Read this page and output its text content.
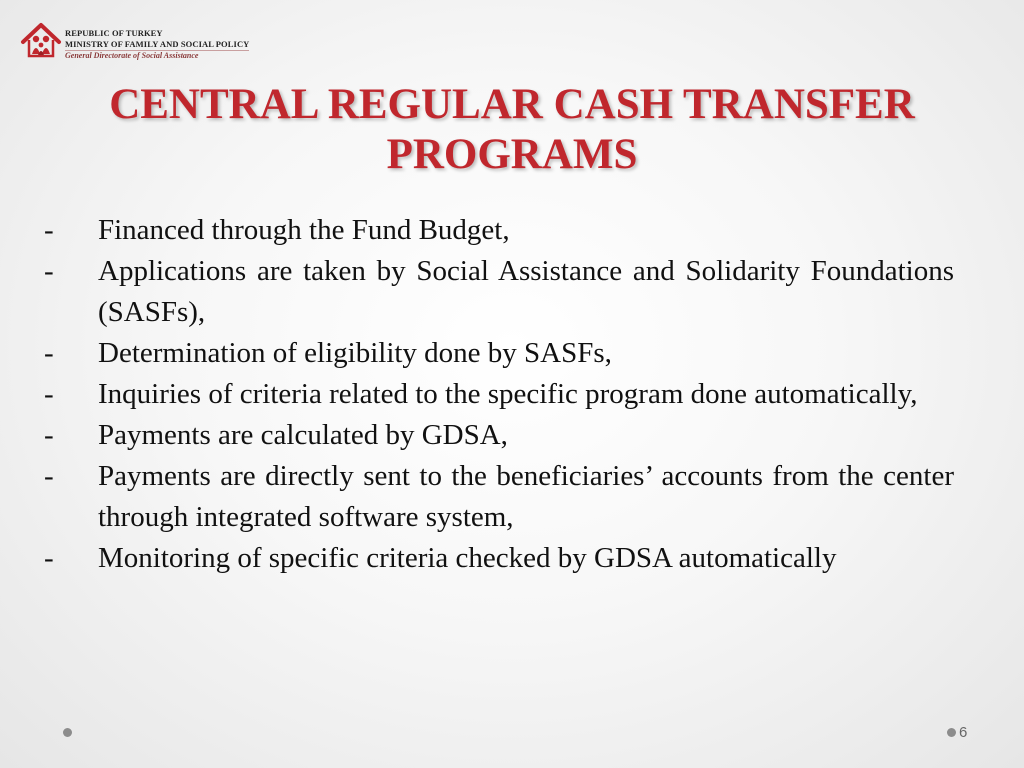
REPUBLIC OF TURKEY
MINISTRY OF FAMILY AND SOCIAL POLICY
General Directorate of Social Assistance
CENTRAL REGULAR CASH TRANSFER PROGRAMS
- Financed through the Fund Budget,
- Applications are taken by Social Assistance and Solidarity Foundations (SASFs),
- Determination of eligibility done by SASFs,
- Inquiries of criteria related to the specific program done automatically,
- Payments are calculated by GDSA,
- Payments are directly sent to the beneficiaries’ accounts from the center through integrated software system,
- Monitoring of specific criteria checked by GDSA automatically
6
